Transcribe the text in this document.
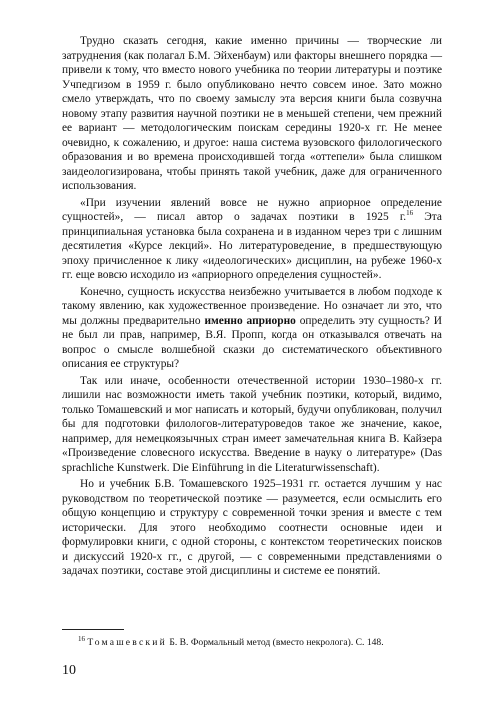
Трудно сказать сегодня, какие именно причины — творческие ли затруднения (как полагал Б.М. Эйхенбаум) или факторы внешнего порядка — привели к тому, что вместо нового учебника по теории литературы и поэтике Учпедгизом в 1959 г. было опубликовано нечто совсем иное. Зато можно смело утверждать, что по своему замыслу эта версия книги была созвучна новому этапу развития научной поэтики не в меньшей степени, чем прежний ее вариант — методологическим поискам середины 1920-х гг. Не менее очевидно, к сожалению, и другое: наша система вузовского филологического образования и во времена происходившей тогда «оттепели» была слишком заидеологизирована, чтобы принять такой учебник, даже для ограниченного использования.

«При изучении явлений вовсе не нужно априорное определение сущностей», — писал автор о задачах поэтики в 1925 г.$^{16}$ Эта принципиальная установка была сохранена и в изданном через три с лишним десятилетия «Курсе лекций». Но литературоведение, в предшествующую эпоху причисленное к лику «идеологических» дисциплин, на рубеже 1960-х гг. еще вовсю исходило из «априорного определения сущностей».

Конечно, сущность искусства неизбежно учитывается в любом подходе к такому явлению, как художественное произведение. Но означает ли это, что мы должны предварительно именно априорно определить эту сущность? И не был ли прав, например, В.Я. Пропп, когда он отказывался отвечать на вопрос о смысле волшебной сказки до систематического объективного описания ее структуры?

Так или иначе, особенности отечественной истории 1930–1980-х гг. лишили нас возможности иметь такой учебник поэтики, который, видимо, только Томашевский и мог написать и который, будучи опубликован, получил бы для подготовки филологов-литературоведов такое же значение, какое, например, для немецкоязычных стран имеет замечательная книга В. Кайзера «Произведение словесного искусства. Введение в науку о литературе» (Das sprachliche Kunstwerk. Die Einführung in die Literaturwissenschaft).

Но и учебник Б.В. Томашевского 1925–1931 гг. остается лучшим у нас руководством по теоретической поэтике — разумеется, если осмыслить его общую концепцию и структуру с современной точки зрения и вместе с тем исторически. Для этого необходимо соотнести основные идеи и формулировки книги, с одной стороны, с контекстом теоретических поисков и дискуссий 1920-х гг., с другой, — с современными представлениями о задачах поэтики, составе этой дисциплины и системе ее понятий.

$^{16}$ Томашевский Б. В. Формальный метод (вместо некролога). С. 148.
10
